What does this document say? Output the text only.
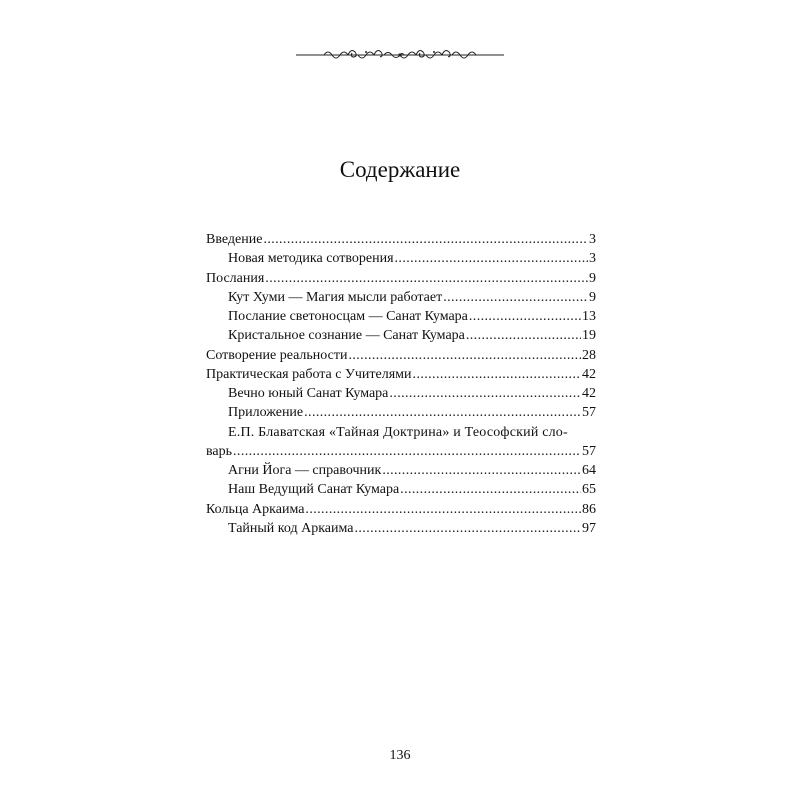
Содержание
Введение .....	3
Новая методика сотворения .....	3
Послания .....	9
Кут Хуми — Магия мысли работает .....	9
Послание светоносцам — Санат Кумара .....	13
Кристальное сознание — Санат Кумара .....	19
Сотворение реальности .....	28
Практическая работа с Учителями .....	42
Вечно юный Санат Кумара .....	42
Приложение .....	57
Е.П. Блаватская «Тайная Доктрина» и Теософский сло-
варь .....	57
Агни Йога — справочник .....	64
Наш Ведущий Санат Кумара .....	65
Кольца Аркаима .....	86
Тайный код Аркаима .....	97
136
